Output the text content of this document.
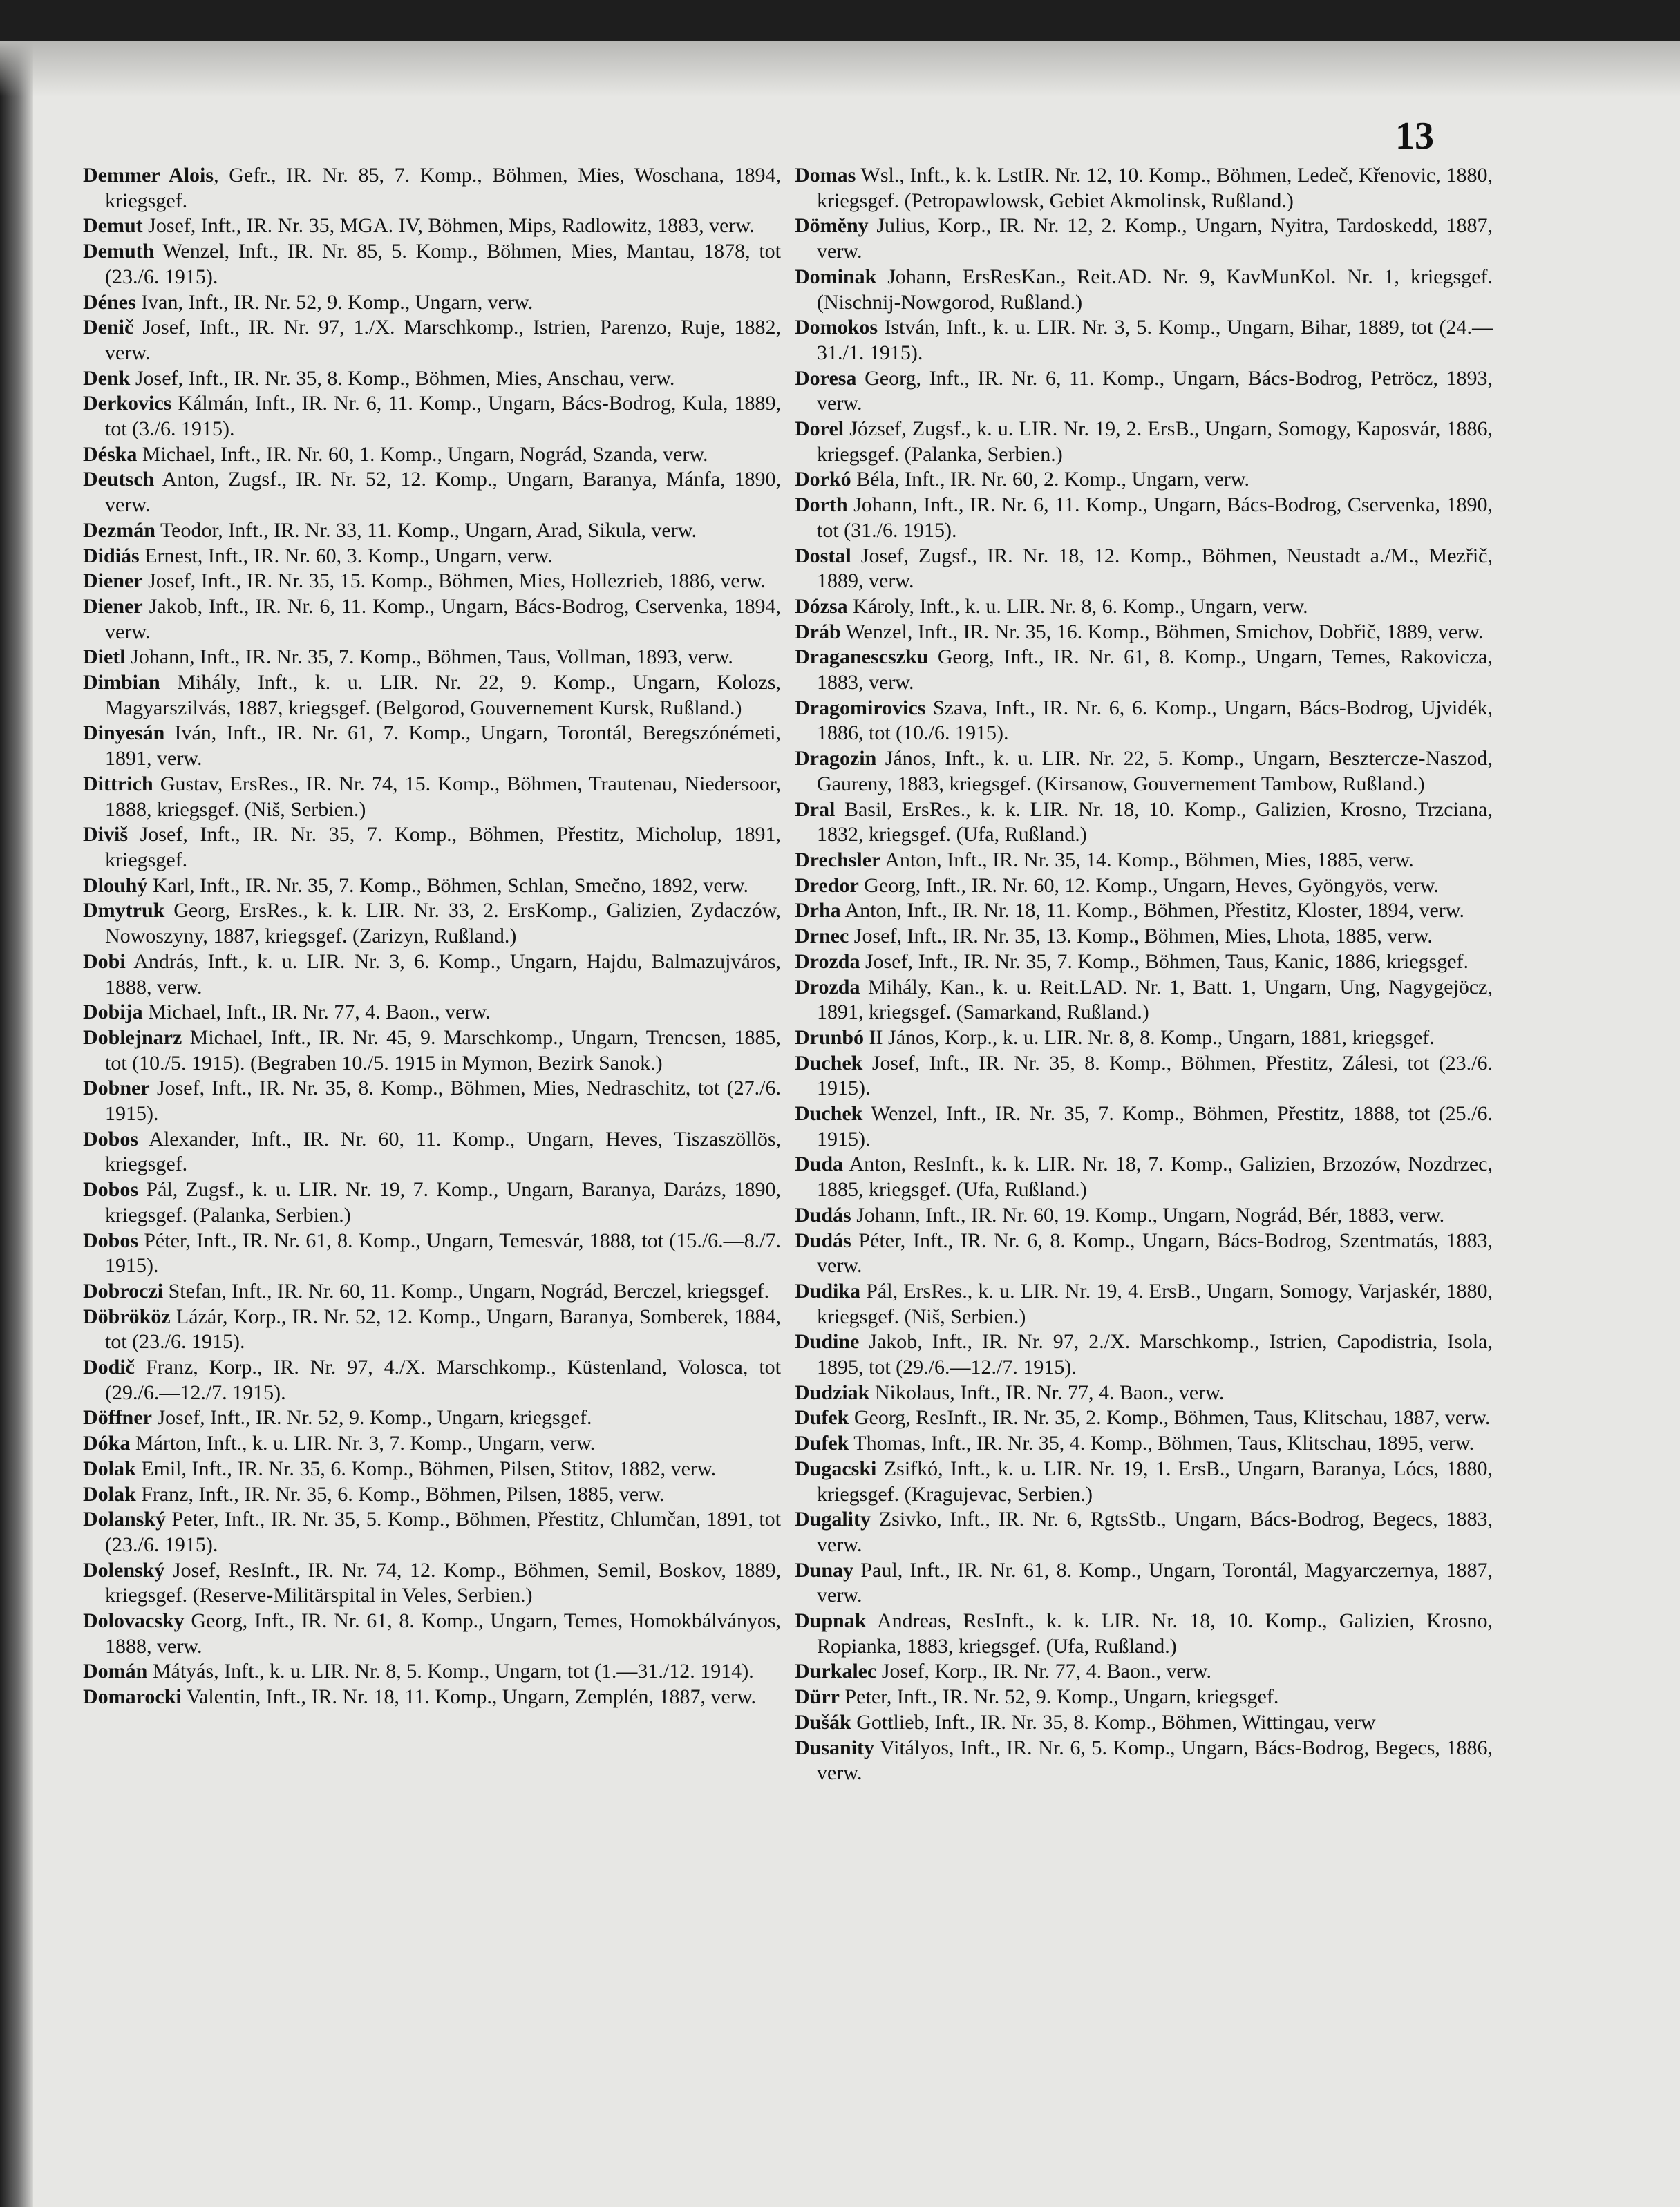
13

Demmer Alois, Gefr., IR. Nr. 85, 7. Komp., Böhmen, Mies, Woschana, 1894, kriegsgef.

Demut Josef, Inft., IR. Nr. 35, MGA. IV, Böhmen, Mips, Radlowitz, 1883, verw.

Demuth Wenzel, Inft., IR. Nr. 85, 5. Komp., Böhmen, Mies, Mantau, 1878, tot (23./6. 1915).

Dénes Ivan, Inft., IR. Nr. 52, 9. Komp., Ungarn, verw.

Denič Josef, Inft., IR. Nr. 97, 1./X. Marschkomp., Istrien, Parenzo, Ruje, 1882, verw.

Denk Josef, Inft., IR. Nr. 35, 8. Komp., Böhmen, Mies, Anschau, verw.

Derkovics Kálmán, Inft., IR. Nr. 6, 11. Komp., Ungarn, Bács-Bodrog, Kula, 1889, tot (3./6. 1915).

Déska Michael, Inft., IR. Nr. 60, 1. Komp., Ungarn, Nográd, Szanda, verw.

Deutsch Anton, Zugsf., IR. Nr. 52, 12. Komp., Ungarn, Baranya, Mánfa, 1890, verw.

Dezmán Teodor, Inft., IR. Nr. 33, 11. Komp., Ungarn, Arad, Sikula, verw.

Didiás Ernest, Inft., IR. Nr. 60, 3. Komp., Ungarn, verw.

Diener Josef, Inft., IR. Nr. 35, 15. Komp., Böhmen, Mies, Hollezrieb, 1886, verw.

Diener Jakob, Inft., IR. Nr. 6, 11. Komp., Ungarn, Bács-Bodrog, Cservenka, 1894, verw.

Dietl Johann, Inft., IR. Nr. 35, 7. Komp., Böhmen, Taus, Vollman, 1893, verw.

Dimbian Mihály, Inft., k. u. LIR. Nr. 22, 9. Komp., Ungarn, Kolozs, Magyarszilvás, 1887, kriegsgef. (Belgorod, Gouvernement Kursk, Rußland.)

Dinyesán Iván, Inft., IR. Nr. 61, 7. Komp., Ungarn, Torontál, Beregszónémeti, 1891, verw.

Dittrich Gustav, ErsRes., IR. Nr. 74, 15. Komp., Böhmen, Trautenau, Niedersoor, 1888, kriegsgef. (Niš, Serbien.)

Diviš Josef, Inft., IR. Nr. 35, 7. Komp., Böhmen, Přestitz, Micholup, 1891, kriegsgef.

Dlouhý Karl, Inft., IR. Nr. 35, 7. Komp., Böhmen, Schlan, Smečno, 1892, verw.

Dmytruk Georg, ErsRes., k. k. LIR. Nr. 33, 2. ErsKomp., Galizien, Zydaczów, Nowoszyny, 1887, kriegsgef. (Zarizyn, Rußland.)

Dobi András, Inft., k. u. LIR. Nr. 3, 6. Komp., Ungarn, Hajdu, Balmazujváros, 1888, verw.

Dobija Michael, Inft., IR. Nr. 77, 4. Baon., verw.

Doblejnarz Michael, Inft., IR. Nr. 45, 9. Marschkomp., Ungarn, Trencsen, 1885, tot (10./5. 1915). (Begraben 10./5. 1915 in Mymon, Bezirk Sanok.)

Dobner Josef, Inft., IR. Nr. 35, 8. Komp., Böhmen, Mies, Nedraschitz, tot (27./6. 1915).

Dobos Alexander, Inft., IR. Nr. 60, 11. Komp., Ungarn, Heves, Tiszaszöllös, kriegsgef.

Dobos Pál, Zugsf., k. u. LIR. Nr. 19, 7. Komp., Ungarn, Baranya, Darázs, 1890, kriegsgef. (Palanka, Serbien.)

Dobos Péter, Inft., IR. Nr. 61, 8. Komp., Ungarn, Temesvár, 1888, tot (15./6.—8./7. 1915).

Dobroczi Stefan, Inft., IR. Nr. 60, 11. Komp., Ungarn, Nográd, Berczel, kriegsgef.

Döbrököz Lázár, Korp., IR. Nr. 52, 12. Komp., Ungarn, Baranya, Somberek, 1884, tot (23./6. 1915).

Dodič Franz, Korp., IR. Nr. 97, 4./X. Marschkomp., Küstenland, Volosca, tot (29./6.—12./7. 1915).

Döffner Josef, Inft., IR. Nr. 52, 9. Komp., Ungarn, kriegsgef.

Dóka Márton, Inft., k. u. LIR. Nr. 3, 7. Komp., Ungarn, verw.

Dolak Emil, Inft., IR. Nr. 35, 6. Komp., Böhmen, Pilsen, Stitov, 1882, verw.

Dolak Franz, Inft., IR. Nr. 35, 6. Komp., Böhmen, Pilsen, 1885, verw.

Dolanský Peter, Inft., IR. Nr. 35, 5. Komp., Böhmen, Přestitz, Chlumčan, 1891, tot (23./6. 1915).

Dolenský Josef, ResInft., IR. Nr. 74, 12. Komp., Böhmen, Semil, Boskov, 1889, kriegsgef. (Reserve-Militärspital in Veles, Serbien.)

Dolovacsky Georg, Inft., IR. Nr. 61, 8. Komp., Ungarn, Temes, Homokbálványos, 1888, verw.

Domán Mátyás, Inft., k. u. LIR. Nr. 8, 5. Komp., Ungarn, tot (1.—31./12. 1914).

Domarocki Valentin, Inft., IR. Nr. 18, 11. Komp., Ungarn, Zemplén, 1887, verw.

Domas Wsl., Inft., k. k. LstIR. Nr. 12, 10. Komp., Böhmen, Ledeč, Křenovic, 1880, kriegsgef. (Petropawlowsk, Gebiet Akmolinsk, Rußland.)

Döměny Julius, Korp., IR. Nr. 12, 2. Komp., Ungarn, Nyitra, Tardoskedd, 1887, verw.

Dominak Johann, ErsResKan., Reit.AD. Nr. 9, KavMunKol. Nr. 1, kriegsgef. (Nischnij-Nowgorod, Rußland.)

Domokos István, Inft., k. u. LIR. Nr. 3, 5. Komp., Ungarn, Bihar, 1889, tot (24.—31./1. 1915).

Doresa Georg, Inft., IR. Nr. 6, 11. Komp., Ungarn, Bács-Bodrog, Petröcz, 1893, verw.

Dorel József, Zugsf., k. u. LIR. Nr. 19, 2. ErsB., Ungarn, Somogy, Kaposvár, 1886, kriegsgef. (Palanka, Serbien.)

Dorkó Béla, Inft., IR. Nr. 60, 2. Komp., Ungarn, verw.

Dorth Johann, Inft., IR. Nr. 6, 11. Komp., Ungarn, Bács-Bodrog, Cservenka, 1890, tot (31./6. 1915).

Dostal Josef, Zugsf., IR. Nr. 18, 12. Komp., Böhmen, Neustadt a./M., Mezřič, 1889, verw.

Dózsa Károly, Inft., k. u. LIR. Nr. 8, 6. Komp., Ungarn, verw.

Dráb Wenzel, Inft., IR. Nr. 35, 16. Komp., Böhmen, Smichov, Dobřič, 1889, verw.

Draganescszku Georg, Inft., IR. Nr. 61, 8. Komp., Ungarn, Temes, Rakovicza, 1883, verw.

Dragomirovics Szava, Inft., IR. Nr. 6, 6. Komp., Ungarn, Bács-Bodrog, Ujvidék, 1886, tot (10./6. 1915).

Dragozin János, Inft., k. u. LIR. Nr. 22, 5. Komp., Ungarn, Besztercze-Naszod, Gaureny, 1883, kriegsgef. (Kirsanow, Gouvernement Tambow, Rußland.)

Dral Basil, ErsRes., k. k. LIR. Nr. 18, 10. Komp., Galizien, Krosno, Trzciana, 1832, kriegsgef. (Ufa, Rußland.)

Drechsler Anton, Inft., IR. Nr. 35, 14. Komp., Böhmen, Mies, 1885, verw.

Dredor Georg, Inft., IR. Nr. 60, 12. Komp., Ungarn, Heves, Gyöngyös, verw.

Drha Anton, Inft., IR. Nr. 18, 11. Komp., Böhmen, Přestitz, Kloster, 1894, verw.

Drnec Josef, Inft., IR. Nr. 35, 13. Komp., Böhmen, Mies, Lhota, 1885, verw.

Drozda Josef, Inft., IR. Nr. 35, 7. Komp., Böhmen, Taus, Kanic, 1886, kriegsgef.

Drozda Mihály, Kan., k. u. Reit.LAD. Nr. 1, Batt. 1, Ungarn, Ung, Nagygejöcz, 1891, kriegsgef. (Samarkand, Rußland.)

Drunbó II János, Korp., k. u. LIR. Nr. 8, 8. Komp., Ungarn, 1881, kriegsgef.

Duchek Josef, Inft., IR. Nr. 35, 8. Komp., Böhmen, Přestitz, Zálesi, tot (23./6. 1915).

Duchek Wenzel, Inft., IR. Nr. 35, 7. Komp., Böhmen, Přestitz, 1888, tot (25./6. 1915).

Duda Anton, ResInft., k. k. LIR. Nr. 18, 7. Komp., Galizien, Brzozów, Nozdrzec, 1885, kriegsgef. (Ufa, Rußland.)

Dudás Johann, Inft., IR. Nr. 60, 19. Komp., Ungarn, Nográd, Bér, 1883, verw.

Dudás Péter, Inft., IR. Nr. 6, 8. Komp., Ungarn, Bács-Bodrog, Szentmatás, 1883, verw.

Dudika Pál, ErsRes., k. u. LIR. Nr. 19, 4. ErsB., Ungarn, Somogy, Varjaskér, 1880, kriegsgef. (Niš, Serbien.)

Dudine Jakob, Inft., IR. Nr. 97, 2./X. Marschkomp., Istrien, Capodistria, Isola, 1895, tot (29./6.—12./7. 1915).

Dudziak Nikolaus, Inft., IR. Nr. 77, 4. Baon., verw.

Dufek Georg, ResInft., IR. Nr. 35, 2. Komp., Böhmen, Taus, Klitschau, 1887, verw.

Dufek Thomas, Inft., IR. Nr. 35, 4. Komp., Böhmen, Taus, Klitschau, 1895, verw.

Dugacski Zsifkó, Inft., k. u. LIR. Nr. 19, 1. ErsB., Ungarn, Baranya, Lócs, 1880, kriegsgef. (Kragujevac, Serbien.)

Dugality Zsivko, Inft., IR. Nr. 6, RgtsStb., Ungarn, Bács-Bodrog, Begecs, 1883, verw.

Dunay Paul, Inft., IR. Nr. 61, 8. Komp., Ungarn, Torontál, Magyarczernya, 1887, verw.

Dupnak Andreas, ResInft., k. k. LIR. Nr. 18, 10. Komp., Galizien, Krosno, Ropianka, 1883, kriegsgef. (Ufa, Rußland.)

Durkalec Josef, Korp., IR. Nr. 77, 4. Baon., verw.

Dürr Peter, Inft., IR. Nr. 52, 9. Komp., Ungarn, kriegsgef.

Dušák Gottlieb, Inft., IR. Nr. 35, 8. Komp., Böhmen, Wittingau, verw

Dusanity Vitályos, Inft., IR. Nr. 6, 5. Komp., Ungarn, Bács-Bodrog, Begecs, 1886, verw.
